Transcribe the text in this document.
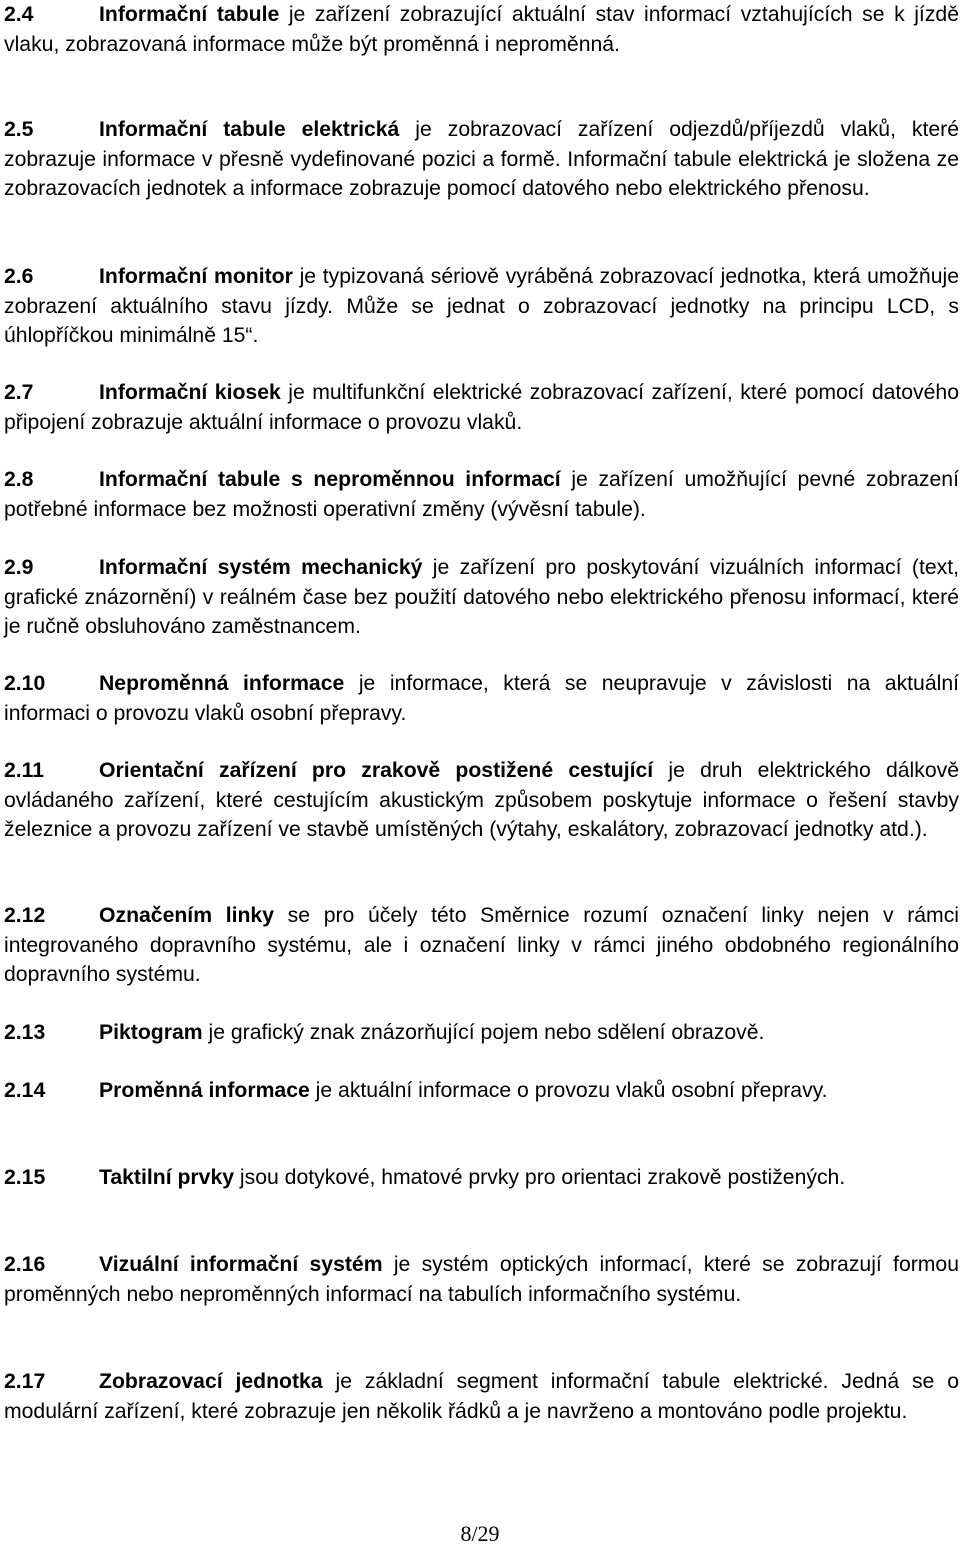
2.4	Informační tabule je zařízení zobrazující aktuální stav informací vztahujících se k jízdě vlaku, zobrazovaná informace může být proměnná i neproměnná.

2.5	Informační tabule elektrická je zobrazovací zařízení odjezdů/příjezdů vlaků, které zobrazuje informace v přesně vydefinované pozici a formě. Informační tabule elektrická je složena ze zobrazovacích jednotek a informace zobrazuje pomocí datového nebo elektrického přenosu.

2.6	Informační monitor je typizovaná sériově vyráběná zobrazovací jednotka, která umožňuje zobrazení aktuálního stavu jízdy. Může se jednat o zobrazovací jednotky na principu LCD, s úhlopříčkou minimálně 15“.

2.7	Informační kiosek je multifunkční elektrické zobrazovací zařízení, které pomocí datového připojení zobrazuje aktuální informace o provozu vlaků.

2.8	Informační tabule s neproměnnou informací je zařízení umožňující pevné zobrazení potřebné informace bez možnosti operativní změny (vývěsní tabule).

2.9	Informační systém mechanický je zařízení pro poskytování vizuálních informací (text, grafické znázornění) v reálném čase bez použití datového nebo elektrického přenosu informací, které je ručně obsluhováno zaměstnancem.

2.10	Neproměnná informace je informace, která se neupravuje v závislosti na aktuální informaci o provozu vlaků osobní přepravy.

2.11	Orientační zařízení pro zrakově postižené cestující je druh elektrického dálkově ovládaného zařízení, které cestujícím akustickým způsobem poskytuje informace o řešení stavby železnice a provozu zařízení ve stavbě umístěných (výtahy, eskalátory, zobrazovací jednotky atd.).

2.12	Označením linky se pro účely této Směrnice rozumí označení linky nejen v rámci integrovaného dopravního systému, ale i označení linky v rámci jiného obdobného regionálního dopravního systému.

2.13	Piktogram je grafický znak znázorňující pojem nebo sdělení obrazově.

2.14	Proměnná informace je aktuální informace o provozu vlaků osobní přepravy.

2.15	Taktilní prvky jsou dotykové, hmatové prvky pro orientaci zrakově postižených.

2.16	Vizuální informační systém je systém optických informací, které se zobrazují formou proměnných nebo neproměnných informací na tabulích informačního systému.

2.17	Zobrazovací jednotka je základní segment informační tabule elektrické. Jedná se o modulární zařízení, které zobrazuje jen několik řádků a je navrženo a montováno podle projektu.

8/29
